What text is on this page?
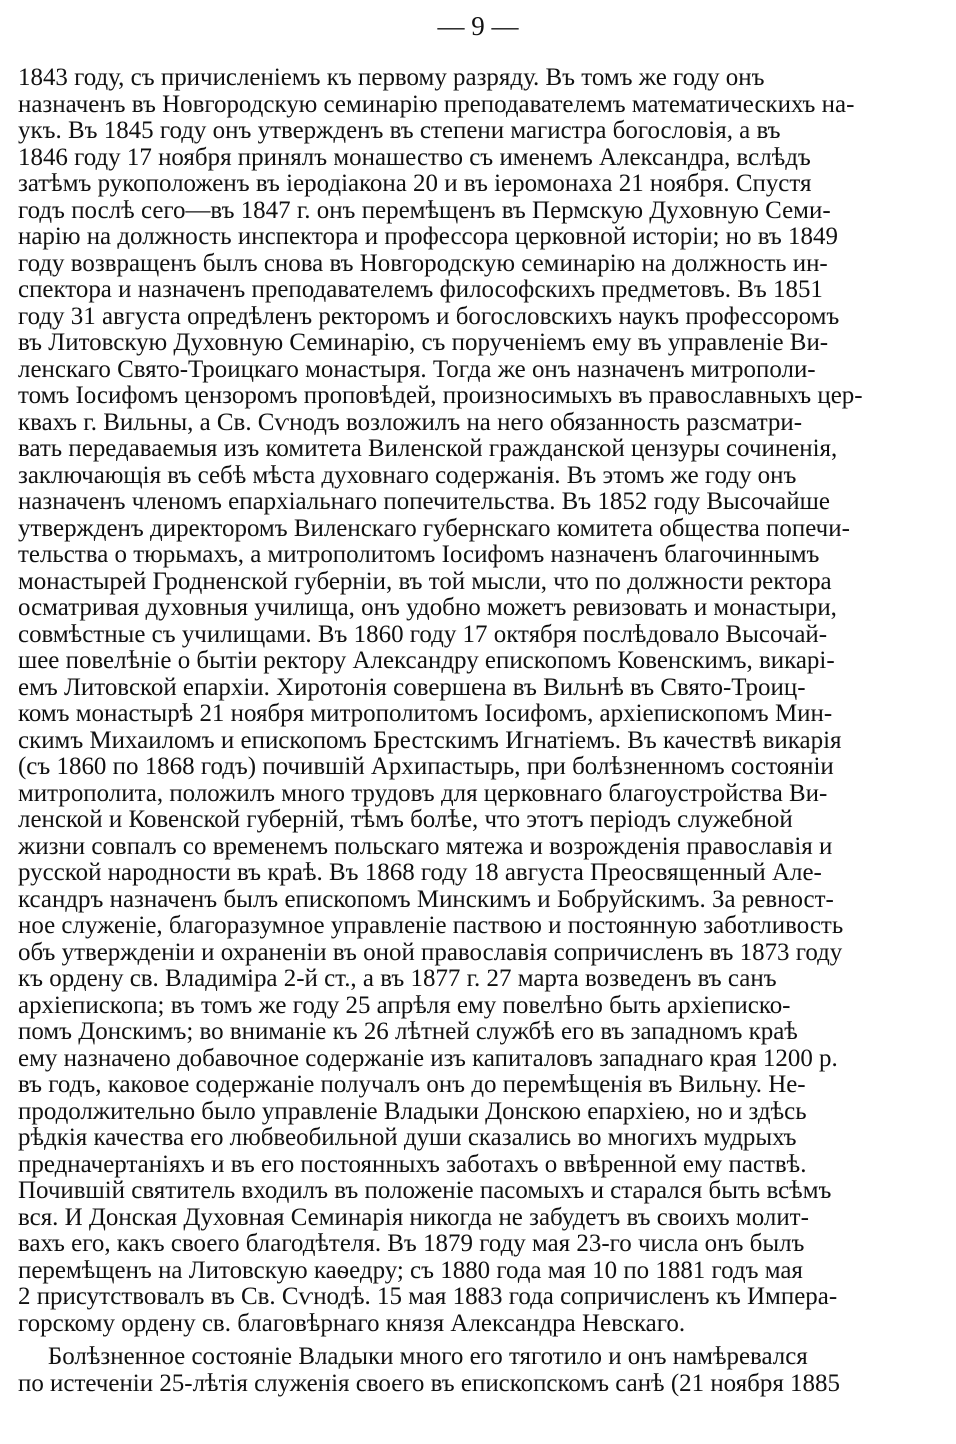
— 9 —
1843 году, съ причисленіемъ къ первому разряду. Въ томъ же году онъ
назначенъ въ Новгородскую семинарію преподавателемъ математическихъ на-
укъ. Въ 1845 году онъ утвержденъ въ степени магистра богословія, а въ
1846 году 17 ноября принялъ монашество съ именемъ Александра, вслѣдъ
затѣмъ рукоположенъ въ іеродіакона 20 и въ іеромонаха 21 ноября. Спустя
годъ послѣ сего—въ 1847 г. онъ перемѣщенъ въ Пермскую Духовную Семи-
нарію на должность инспектора и профессора церковной исторіи; но въ 1849
году возвращенъ былъ снова въ Новгородскую семинарію на должность ин-
спектора и назначенъ преподавателемъ философскихъ предметовъ. Въ 1851
году 31 августа опредѣленъ ректоромъ и богословскихъ наукъ профессоромъ
въ Литовскую Духовную Семинарію, съ порученіемъ ему въ управленіе Ви-
ленскаго Свято-Троицкаго монастыря. Тогда же онъ назначенъ митрополи-
томъ Іосифомъ цензоромъ проповѣдей, произносимыхъ въ православныхъ цер-
квахъ г. Вильны, а Св. Сѵнодъ возложилъ на него обязанность разсматри-
вать передаваемыя изъ комитета Виленской гражданской цензуры сочиненія,
заключающія въ себѣ мѣста духовнаго содержанія. Въ этомъ же году онъ
назначенъ членомъ епархіальнаго попечительства. Въ 1852 году Высочайше
утвержденъ директоромъ Виленскаго губернскаго комитета общества попечи-
тельства о тюрьмахъ, а митрополитомъ Іосифомъ назначенъ благочиннымъ
монастырей Гродненской губерніи, въ той мысли, что по должности ректора
осматривая духовныя училища, онъ удобно можетъ ревизовать и монастыри,
совмѣстные съ училищами. Въ 1860 году 17 октября послѣдовало Высочай-
шее повелѣніе о бытіи ректору Александру епископомъ Ковенскимъ, викарі-
емъ Литовской епархіи. Хиротонія совершена въ Вильнѣ въ Свято-Троиц-
комъ монастырѣ 21 ноября митрополитомъ Іосифомъ, архіепископомъ Мин-
скимъ Михаиломъ и епископомъ Брестскимъ Игнатіемъ. Въ качествѣ викарія
(съ 1860 по 1868 годъ) почившій Архипастырь, при болѣзненномъ состояніи
митрополита, положилъ много трудовъ для церковнаго благоустройства Ви-
ленской и Ковенской губерній, тѣмъ болѣе, что этотъ періодъ служебной
жизни совпалъ со временемъ польскаго мятежа и возрожденія православія и
русской народности въ краѣ. Въ 1868 году 18 августа Преосвященный Але-
ксандръ назначенъ былъ епископомъ Минскимъ и Бобруйскимъ. За ревност-
ное служеніе, благоразумное управленіе паствою и постоянную заботливость
объ утвержденіи и охраненіи въ оной православія сопричисленъ въ 1873 году
къ ордену св. Владиміра 2-й ст., а въ 1877 г. 27 марта возведенъ въ санъ
архіепископа; въ томъ же году 25 апрѣля ему повелѣно быть архіеписко-
помъ Донскимъ; во вниманіе къ 26 лѣтней службѣ его въ западномъ краѣ
ему назначено добавочное содержаніе изъ капиталовъ западнаго края 1200 р.
въ годъ, каковое содержаніе получалъ онъ до перемѣщенія въ Вильну. Не-
продолжительно было управленіе Владыки Донскою епархіею, но и здѣсь
рѣдкія качества его любвеобильной души сказались во многихъ мудрыхъ
предначертаніяхъ и въ его постоянныхъ заботахъ о ввѣренной ему паствѣ.
Почившій святитель входилъ въ положеніе пасомыхъ и старался быть всѣмъ
вся. И Донская Духовная Семинарія никогда не забудетъ въ своихъ молит-
вахъ его, какъ своего благодѣтеля. Въ 1879 году мая 23-го числа онъ былъ
перемѣщенъ на Литовскую каѳедру; съ 1880 года мая 10 по 1881 годъ мая
2 присутствовалъ въ Св. Сѵнодѣ. 15 мая 1883 года сопричисленъ къ Импера-
горскому ордену св. благовѣрнаго князя Александра Невскаго.
Болѣзненное состояніе Владыки много его тяготило и онъ намѣревался
по истеченіи 25-лѣтія служенія своего въ епископскомъ санѣ (21 ноября 1885
